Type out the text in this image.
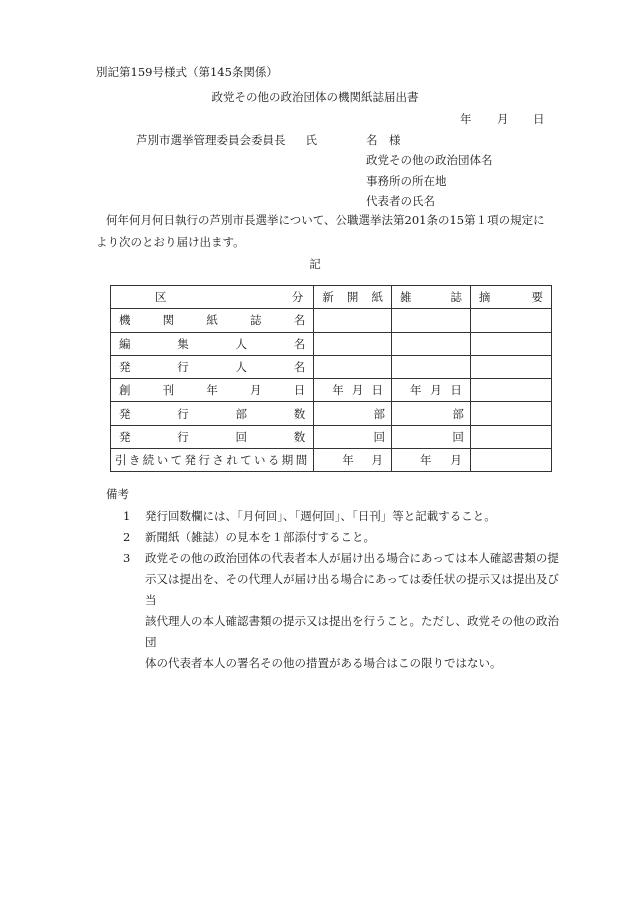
別記第159号様式（第145条関係）
政党その他の政治団体の機関紙誌届出書
年 月 日
芦別市選挙管理委員会委員長 氏	名　様
政党その他の政治団体名
事務所の所在地
代表者の氏名
何年何月何日執行の芦別市長選挙について、公職選挙法第201条の15第１項の規定に
より次のとおり届け出ます。
記
区 分	新 開 紙	雑 誌	摘 要

機 関 紙 誌 名			

編 集 人 名			

発 行 人 名			

創 刊 年 月 日	年 月 日	年 月 日	

発 行 部 数	部	部	

発 行 回 数	回	回	
引き続いて発行されている期間	年 月	年 月	

備考
1 発行回数欄には、「月何回」、「週何回」、「日刊」等と記載すること。
2 新聞紙（雑誌）の見本を１部添付すること。
3 政党その他の政治団体の代表者本人が届け出る場合にあっては本人確認書類の提
示又は提出を、その代理人が届け出る場合にあっては委任状の提示又は提出及び当
該代理人の本人確認書類の提示又は提出を行うこと。ただし、政党その他の政治団
体の代表者本人の署名その他の措置がある場合はこの限りではない。
